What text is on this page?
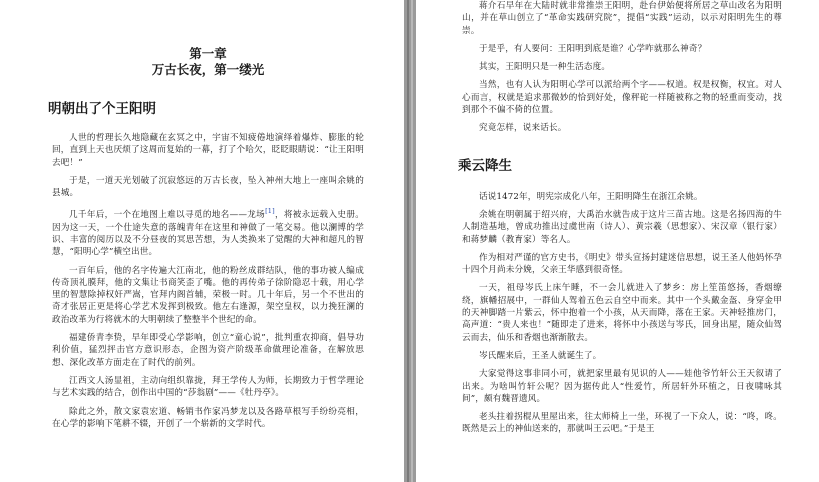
第一章
万古长夜，第一缕光
明朝出了个王阳明

人世的哲理长久地隐藏在玄冥之中，宇宙不知疲倦地演绎着爆炸、膨胀的轮回，直到上天也厌烦了这周而复始的一幕，打了个哈欠，眨眨眼睛说：“让王阳明去吧！”

于是，一道天光划破了沉寂悠远的万古长夜，坠入神州大地上一座叫余姚的县城。

几千年后，一个在地图上难以寻觅的地名——龙场[1]，将被永远载入史册。因为这一天，一个仕途失意的落魄青年在这里和神做了一笔交易。他以澜博的学识、丰富的阅历以及不分昼夜的冥思苦想，为人类换来了觉醒的大神和超凡的智慧，“阳明心学”横空出世。

一百年后，他的名字传遍大江南北，他的粉丝成群结队，他的事功被人编成传奇顶礼膜拜，他的文集让书商笑歪了嘴。他的再传弟子徐阶隐忍十载，用心学里的智慧除掉权奸严嵩，官拜内阁首辅，荣极一时。几十年后，另一个不世出的奇才张居正更是将心学艺术发挥到极致。他左右逢源，架空皇权，以力挽狂澜的政治改革为行将就木的大明朝续了整整半个世纪的命。

福建侨青李贽，早年即受心学影响，创立“童心说”，批判重农抑商，倡导功利价值，猛烈抨击官方意识形态，企图为资产阶级革命做理论准备，在解放思想、深化改革方面走在了时代的前列。

江西文人汤显祖，主动向组织靠拢，拜王学传人为师，长期致力于哲学理论与艺术实践的结合，创作出中国的“莎翁剧”——《牡丹亭》。

除此之外，散文家袁宏道、畅销书作家冯梦龙以及各路草根写手纷纷亮相，在心学的影响下笔耕不辍，开创了一个崭新的文学时代。

蒋介石早年在大陆时就非常推崇王阳明，赴台伊始便将所居之草山改名为阳明山，并在草山创立了“革命实践研究院”，提倡“实践”运动，以示对阳明先生的尊崇。

于是乎，有人要问：王阳明到底是谁？心学咋就那么神奇？

其实，王阳明只是一种生活态度。

当然，也有人认为阳明心学可以派给两个字——权道。权是权衡，权宜。对人心而言，权就是追求那微妙的恰到好处，像秤砣一样随被称之物的轻重而变动，找到那个不偏不倚的位置。

究竟怎样，说来话长。

乘云降生

话说1472年，明宪宗成化八年，王阳明降生在浙江余姚。

余姚在明朝属于绍兴府，大禹治水就告成于这片三苗古地。这是名扬四海的牛人制造基地，曾成功推出过虞世南（诗人）、黄宗羲（思想家）、宋汉章（银行家）和蒋梦麟（教育家）等名人。

作为相对严谨的官方史书，《明史》带头宣扬封建迷信思想，说王圣人他妈怀孕十四个月尚未分娩，父亲王华感到很奇怪。

一天，祖母岑氏上床午睡，不一会儿就进入了梦乡：房上笙笛悠扬，香烟缭绕，旗幡招展中，一群仙人驾着五色云自空中而来。其中一个头戴金盔、身穿金甲的天神脚踏一片紫云，怀中抱着一个小孩，从天而降，落在王家。天神轻推房门，高声道：“贵人来也！”随即走了进来，将怀中小孩送与岑氏，回身出屋，随众仙驾云而去，仙乐和香烟也渐渐散去。

岑氏醒来后，王圣人就诞生了。

大家觉得这事非同小可，就把家里最有见识的人——娃他爷竹轩公王天叙请了出来。为啥叫竹轩公呢？因为据传此人“性爱竹，所居轩外环植之，日夜啸咏其间”，颇有魏晋遗风。

老头拄着拐棍从里屋出来，往太师椅上一坐，环视了一下众人，说：“咚，咚。既然是云上的神仙送来的，那就叫王云吧。”于是王
